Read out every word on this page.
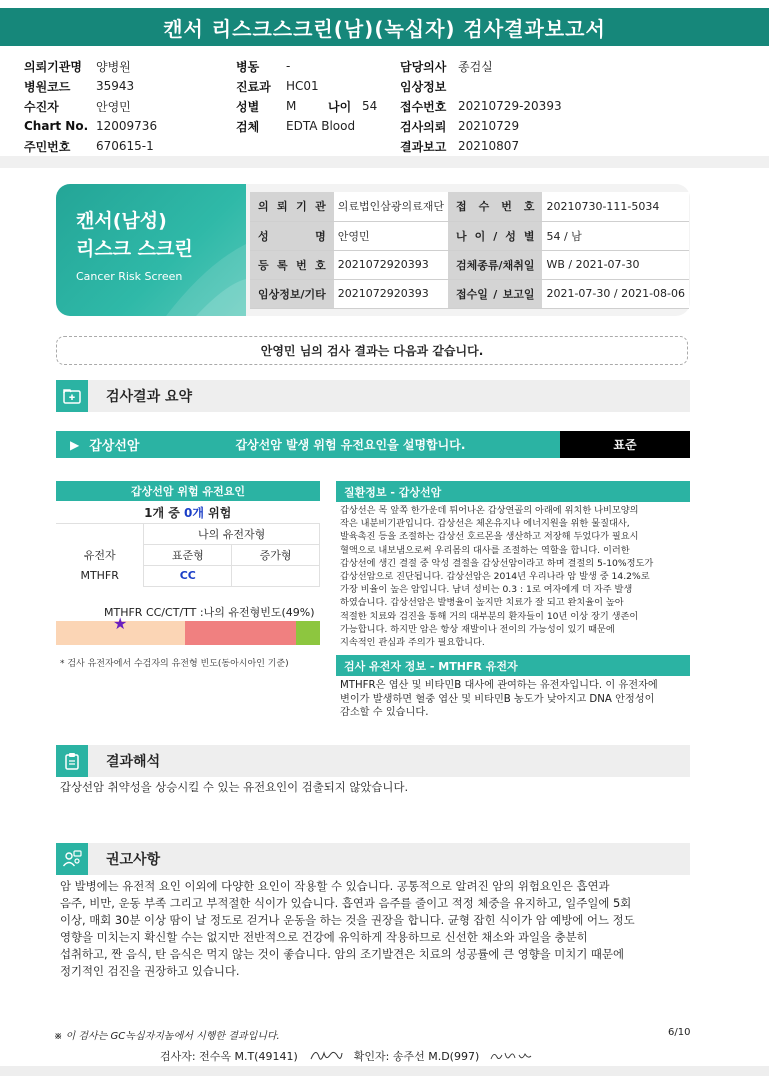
캔서 리스크스크린(남)(녹십자) 검사결과보고서
의뢰기관명	양병원
병원코드	35943
수진자	안영민
Chart No. 12009736
주민번호	670615-1
병동	-
진료과	HC01
성별	M	나이 54
검체	EDTA Blood
담당의사 종검실
임상정보
접수번호 20210729-20393
검사의뢰 20210729
결과보고 20210807
캔서(남성)
리스크 스크린
Cancer Risk Screen
의 뢰 기 관	의료법인삼광의료재단		접 수 번 호	20210730-111-5034
성 명	안영민		나 이 / 성 별	54 / 남
등 록 번 호	2021072920393		검체종류/채취일	WB / 2021-07-30
임상정보/기타	2021072920393		접수일 / 보고일	2021-07-30 / 2021-08-06
안영민 님의 검사 결과는 다음과 같습니다.
검사결과 요약
▶ 갑상선암	갑상선암 발생 위험 유전요인을 설명합니다.	표준
갑상선암 위험 유전요인
1개 중 0개 위험		
	나의 유전자형	
유전자	표준형	증가형
MTHFR	CC	
MTHFR CC/CT/TT :나의 유전형빈도(49%)
★
* 검사 유전자에서 수검자의 유전형 빈도(동아시아인 기준)
질환정보 - 갑상선암
갑상선은 목 앞쪽 한가운데 튀어나온 갑상연골의 아래에 위치한 나비모양의
작은 내분비기관입니다. 갑상선은 체온유지나 에너지원을 위한 물질대사,
발육촉진 등을 조절하는 갑상선 호르몬을 생산하고 저장해 두었다가 필요시
혈액으로 내보냄으로써 우리몸의 대사를 조절하는 역할을 합니다. 이러한
갑상선에 생긴 결절 중 악성 결절을 갑상선암이라고 하며 결절의 5-10%정도가
갑상선암으로 진단됩니다. 갑상선암은 2014년 우리나라 암 발생 중 14.2%로
가장 비율이 높은 암입니다. 남녀 성비는 0.3 : 1로 여자에게 더 자주 발생
하였습니다. 갑상선암은 발병율이 높지만 치료가 잘 되고 완치율이 높아
적절한 치료와 검진을 통해 거의 대부분의 환자들이 10년 이상 장기 생존이
가능합니다. 하지만 암은 항상 재발이나 전이의 가능성이 있기 때문에
지속적인 관심과 주의가 필요합니다.
검사 유전자 정보 - MTHFR 유전자
MTHFR은 엽산 및 비타민B 대사에 관여하는 유전자입니다. 이 유전자에
변이가 발생하면 혈중 엽산 및 비타민B 농도가 낮아지고 DNA 안정성이
감소할 수 있습니다.
결과해석
갑상선암 취약성을 상승시킬 수 있는 유전요인이 검출되지 않았습니다.
권고사항
암 발병에는 유전적 요인 이외에 다양한 요인이 작용할 수 있습니다. 공통적으로 알려진 암의 위험요인은 흡연과
음주, 비만, 운동 부족 그리고 부적절한 식이가 있습니다. 흡연과 음주를 줄이고 적정 체중을 유지하고, 일주일에 5회
이상, 매회 30분 이상 땀이 날 정도로 걷거나 운동을 하는 것을 권장을 합니다. 균형 잡힌 식이가 암 예방에 어느 정도
영향을 미치는지 확신할 수는 없지만 전반적으로 건강에 유익하게 작용하므로 신선한 채소와 과일을 충분히
섭취하고, 짠 음식, 탄 음식은 먹지 않는 것이 좋습니다. 암의 조기발견은 치료의 성공률에 큰 영향을 미치기 때문에
정기적인 검진을 권장하고 있습니다.
※ 이 검사는 GC녹십자지놈에서 시행한 결과입니다.	6/10
검사자: 전수옥 M.T(49141)	확인자: 송주선 M.D(997)
